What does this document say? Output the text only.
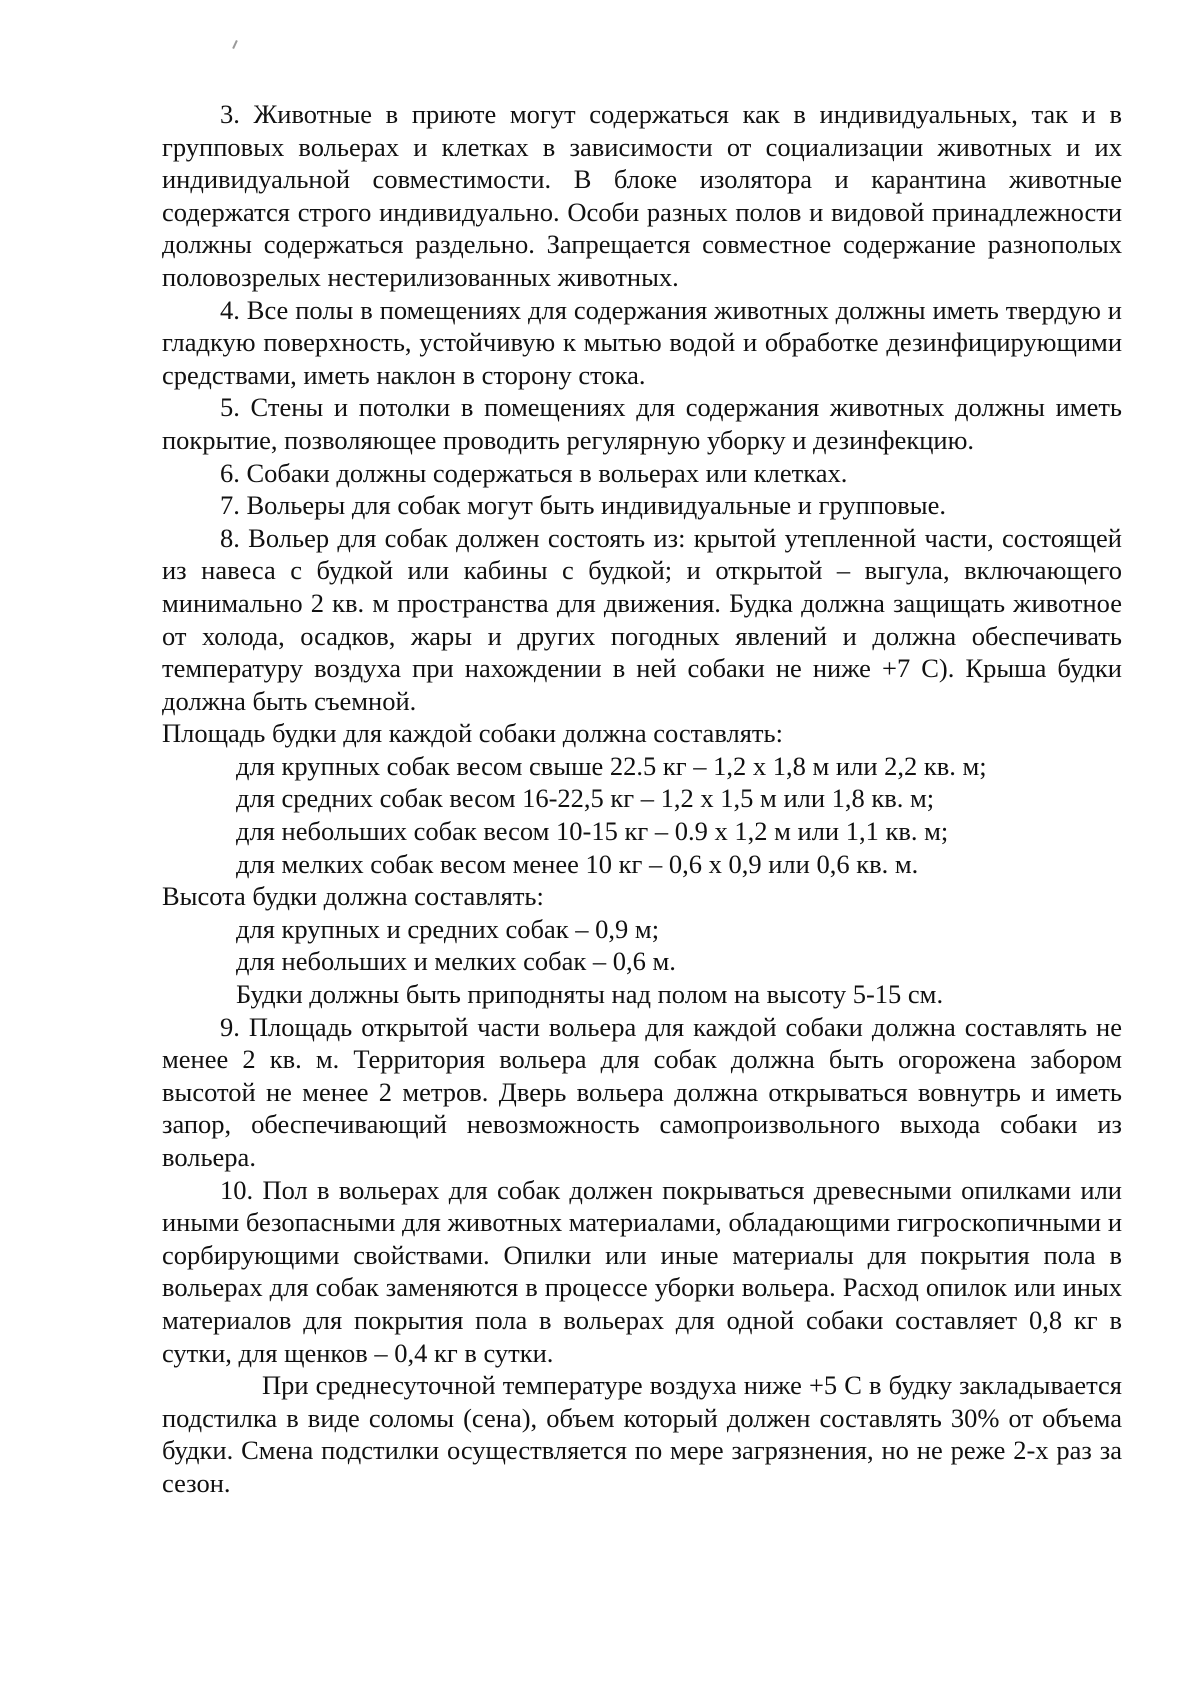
3. Животные в приюте могут содержаться как в индивидуальных, так и в групповых вольерах и клетках в зависимости от социализации животных и их индивидуальной совместимости. В блоке изолятора и карантина животные содержатся строго индивидуально. Особи разных полов и видовой принадлежности должны содержаться раздельно. Запрещается совместное содержание разнополых половозрелых нестерилизованных животных.

4. Все полы в помещениях для содержания животных должны иметь твердую и гладкую поверхность, устойчивую к мытью водой и обработке дезинфицирующими средствами, иметь наклон в сторону стока.

5. Стены и потолки в помещениях для содержания животных должны иметь покрытие, позволяющее проводить регулярную уборку и дезинфекцию.

6. Собаки должны содержаться в вольерах или клетках.

7. Вольеры для собак могут быть индивидуальные и групповые.

8. Вольер для собак должен состоять из: крытой утепленной части, состоящей из навеса с будкой или кабины с будкой; и открытой – выгула, включающего минимально 2 кв. м пространства для движения. Будка должна защищать животное от холода, осадков, жары и других погодных явлений и должна обеспечивать температуру воздуха при нахождении в ней собаки не ниже +7 С). Крыша будки должна быть съемной.

Площадь будки для каждой собаки должна составлять:

для крупных собак весом свыше 22.5 кг – 1,2 х 1,8 м или 2,2 кв. м;

для средних собак весом 16-22,5 кг – 1,2 х 1,5 м или 1,8 кв. м;

для небольших собак весом 10-15 кг – 0.9 х 1,2 м или 1,1 кв. м;

для мелких собак весом менее 10 кг – 0,6 х 0,9 или 0,6 кв. м.

Высота будки должна составлять:

для крупных и средних собак – 0,9 м;

для небольших и мелких собак – 0,6 м.

Будки должны быть приподняты над полом на высоту 5-15 см.

9. Площадь открытой части вольера для каждой собаки должна составлять не менее 2 кв. м. Территория вольера для собак должна быть огорожена забором высотой не менее 2 метров. Дверь вольера должна открываться вовнутрь и иметь запор, обеспечивающий невозможность самопроизвольного выхода собаки из вольера.

10. Пол в вольерах для собак должен покрываться древесными опилками или иными безопасными для животных материалами, обладающими гигроскопичными и сорбирующими свойствами. Опилки или иные материалы для покрытия пола в вольерах для собак заменяются в процессе уборки вольера. Расход опилок или иных материалов для покрытия пола в вольерах для одной собаки составляет 0,8 кг в сутки, для щенков – 0,4 кг в сутки.

При среднесуточной температуре воздуха ниже +5 С в будку закладывается подстилка в виде соломы (сена), объем который должен составлять 30% от объема будки. Смена подстилки осуществляется по мере загрязнения, но не реже 2-х раз за сезон.
